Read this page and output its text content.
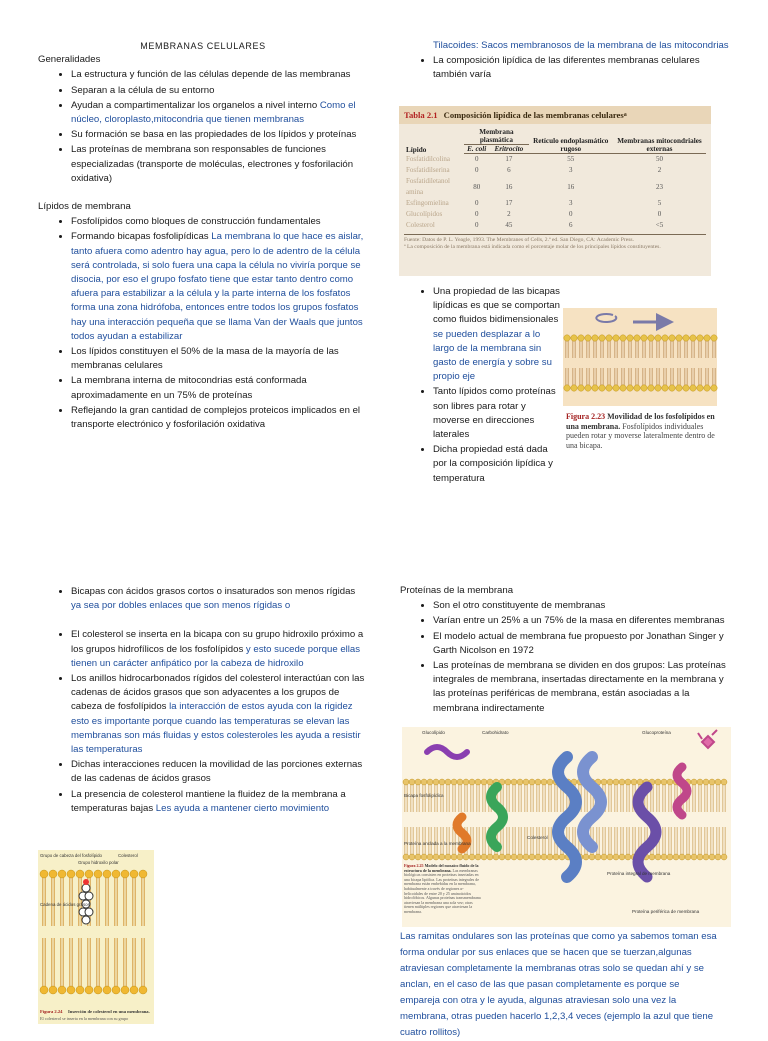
MEMBRANAS CELULARES
Generalidades
• La estructura y función de las células depende de las membranas
• Separan a la célula de su entorno
• Ayudan a compartimentalizar los organelos a nivel interno Como el núcleo, cloroplasto,mitocondria que tienen membranas
• Su formación se basa en las propiedades de los lípidos y proteínas
• Las proteínas de membrana son responsables de funciones especializadas (transporte de moléculas, electrones y fosforilación oxidativa)
Lípidos de membrana
• Fosfolípidos como bloques de construcción fundamentales
• Formando bicapas fosfolipídicas La membrana lo que hace es aislar, tanto afuera como adentro hay agua, pero lo de adentro de la célula será controlada, si solo fuera una capa la célula no viviría porque se disocia, por eso el grupo fosfato tiene que estar tanto dentro como afuera para estabilizar a la célula y la parte interna de los fosfatos forma una zona hidrófoba, entonces entre todos los grupos fosfatos hay una interacción pequeña que se llama Van der Waals que juntos todos ayudan a estabilizar
• Los lípidos constituyen el 50% de la masa de la mayoría de las membranas celulares
• La membrana interna de mitocondrias está conformada aproximadamente en un 75% de proteínas
• Reflejando la gran cantidad de complejos proteicos implicados en el transporte electrónico y fosforilación oxidativa
Tilacoides: Sacos membranosos de la membrana de las mitocondrias
• La composición lipídica de las diferentes membranas celulares también varía
Tabla 2.1 Composición lipídica de las membranas celulares a
Lípido	Membrana plasmática		Retículo endoplasmático rugoso	Membranas mitocondriales externas
	E. coli	Eritrocito		
Fosfatidilcolina	0	17	55	50
Fosfatidilserina	0	6	3	2
Fosfatidiletanol amina	80	16	16	23
Esfingomielina	0	17	3	5
Glucolípidos	0	2	0	0
Colesterol	0	45	6	<5
Fuente: Datos de P. L. Yeagle, 1993. The Membranes of Cells, 2.ª ed. San Diego, CA: Academic Press.
ª La composición de la membrana está indicada como el porcentaje molar de los principales lípidos constituyentes.
• Una propiedad de las bicapas lipídicas es que se comportan como fluidos bidimensionales se pueden desplazar a lo largo de la membrana sin gasto de energía y sobre su propio eje
• Tanto lípidos como proteínas son libres para rotar y moverse en direcciones laterales
• Dicha propiedad está dada por la composición lipídica y temperatura
Figura 2.23 Movilidad de los fosfolípidos en una membrana. Fosfolípidos individuales pueden rotar y moverse lateralmente dentro de una bicapa.
• Bicapas con ácidos grasos cortos o insaturados son menos rígidas ya sea por dobles enlaces que son menos rígidas o
• El colesterol se inserta en la bicapa con su grupo hidroxilo próximo a los grupos hidrofílicos de los fosfolípidos y esto sucede porque ellas tienen un carácter anfipático por la cabeza de hidroxilo
• Los anillos hidrocarbonados rígidos del colesterol interactúan con las cadenas de ácidos grasos que son adyacentes a los grupos de cabeza de fosfolípidos la interacción de estos ayuda con la rigidez esto es importante porque cuando las temperaturas se elevan las membranas son más fluidas y estos colesteroles les ayuda a resistir las temperaturas
• Dichas interacciones reducen la movilidad de las porciones externas de las cadenas de ácidos grasos
• La presencia de colesterol mantiene la fluidez de la membrana a temperaturas bajas Les ayuda a mantener cierto movimiento
Grupo de cabeza del fosfolípido
Grupo hidroxilo polar
Colesterol
Cadena de ácidos grasos
Figura 2.24 Inserción de colesterol en una membrana.
El colesterol se inserta en la membrana con su grupo
Proteínas de la membrana
• Son el otro constituyente de membranas
• Varían entre un 25% a un 75% de la masa en diferentes membranas
• El modelo actual de membrana fue propuesto por Jonathan Singer y Garth Nicolson en 1972
• Las proteínas de membrana se dividen en dos grupos: Las proteínas integrales de membrana, insertadas directamente en la membrana y las proteínas periféricas de membrana, están asociadas a la membrana indirectamente
Glucolípido	Carbohidrato	Glucoproteína
Bicapa fosfolipídica
Proteína anclada a la membrana
Proteína integral de membrana
Proteína periférica de membrana
Colesterol
Figura 2.25 Modelo del mosaico fluido de la estructura de la membrana. Las membranas biológicas consisten en proteínas insertadas en una bicapa lipídica. Las proteínas integrales de membrana están embebidas en la membrana, habitualmente a través de regiones α-helicoidales de entre 20 y 25 aminoácidos hidrofóbicos. Algunas proteínas transmembrana atraviesan la membrana una sola vez; otras tienen múltiples regiones que atraviesan la membrana.
Las ramitas ondulares son las proteínas que como ya sabemos toman esa forma ondular por sus enlaces que se hacen que se tuerzan,algunas atraviesan completamente la membranas otras solo se quedan ahí y se anclan, en el caso de las que pasan completamente es porque se empareja con otra y le ayuda, algunas atraviesan solo una vez la membrana, otras pueden hacerlo 1,2,3,4 veces (ejemplo la azul que tiene cuatro rollitos)
